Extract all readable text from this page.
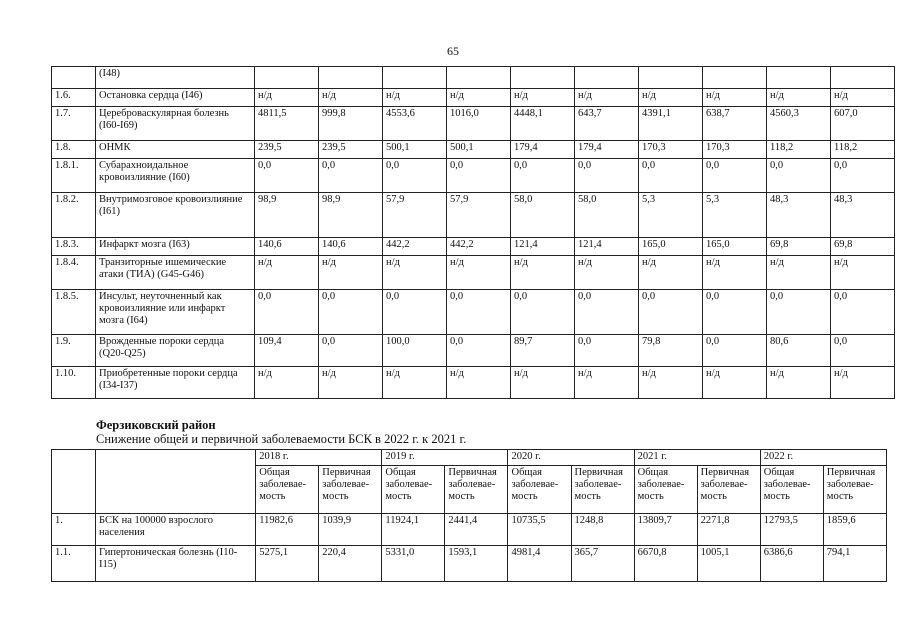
65
	(I48)										
1.6.	Остановка сердца (I46)	н/д	н/д	н/д	н/д	н/д	н/д	н/д	н/д	н/д	н/д
1.7.	Цереброваскулярная болезнь (I60-I69)	4811,5	999,8	4553,6	1016,0	4448,1	643,7	4391,1	638,7	4560,3	607,0
1.8.	ОНМК	239,5	239,5	500,1	500,1	179,4	179,4	170,3	170,3	118,2	118,2
1.8.1.	Субарахноидальное кровоизлияние (I60)	0,0	0,0	0,0	0,0	0,0	0,0	0,0	0,0	0,0	0,0
1.8.2.	Внутримозговое кровоизлияние (I61)	98,9	98,9	57,9	57,9	58,0	58,0	5,3	5,3	48,3	48,3
1.8.3.	Инфаркт мозга (I63)	140,6	140,6	442,2	442,2	121,4	121,4	165,0	165,0	69,8	69,8
1.8.4.	Транзиторные ишемические атаки (ТИА) (G45-G46)	н/д	н/д	н/д	н/д	н/д	н/д	н/д	н/д	н/д	н/д
1.8.5.	Инсульт, неуточненный как кровоизлияние или инфаркт мозга (I64)	0,0	0,0	0,0	0,0	0,0	0,0	0,0	0,0	0,0	0,0
1.9.	Врожденные пороки сердца (Q20-Q25)	109,4	0,0	100,0	0,0	89,7	0,0	79,8	0,0	80,6	0,0
1.10.	Приобретенные пороки сердца (I34-I37)	н/д	н/д	н/д	н/д	н/д	н/д	н/д	н/д	н/д	н/д
Ферзиковский район
Снижение общей и первичной заболеваемости БСК в 2022 г. к 2021 г.
		2018 г.		2019 г.		2020 г.		2021 г.		2022 г.	
		Общая заболевае-мость	Первичная заболевае-мость	Общая заболевае-мость	Первичная заболевае-мость	Общая заболевае-мость	Первичная заболевае-мость	Общая заболевае-мость	Первичная заболевае-мость	Общая заболевае-мость	Первичная заболевае-мость
1.	БСК на 100000 взрослого населения	11982,6	1039,9	11924,1	2441,4	10735,5	1248,8	13809,7	2271,8	12793,5	1859,6
1.1.	Гипертоническая болезнь (I10-I15)	5275,1	220,4	5331,0	1593,1	4981,4	365,7	6670,8	1005,1	6386,6	794,1
